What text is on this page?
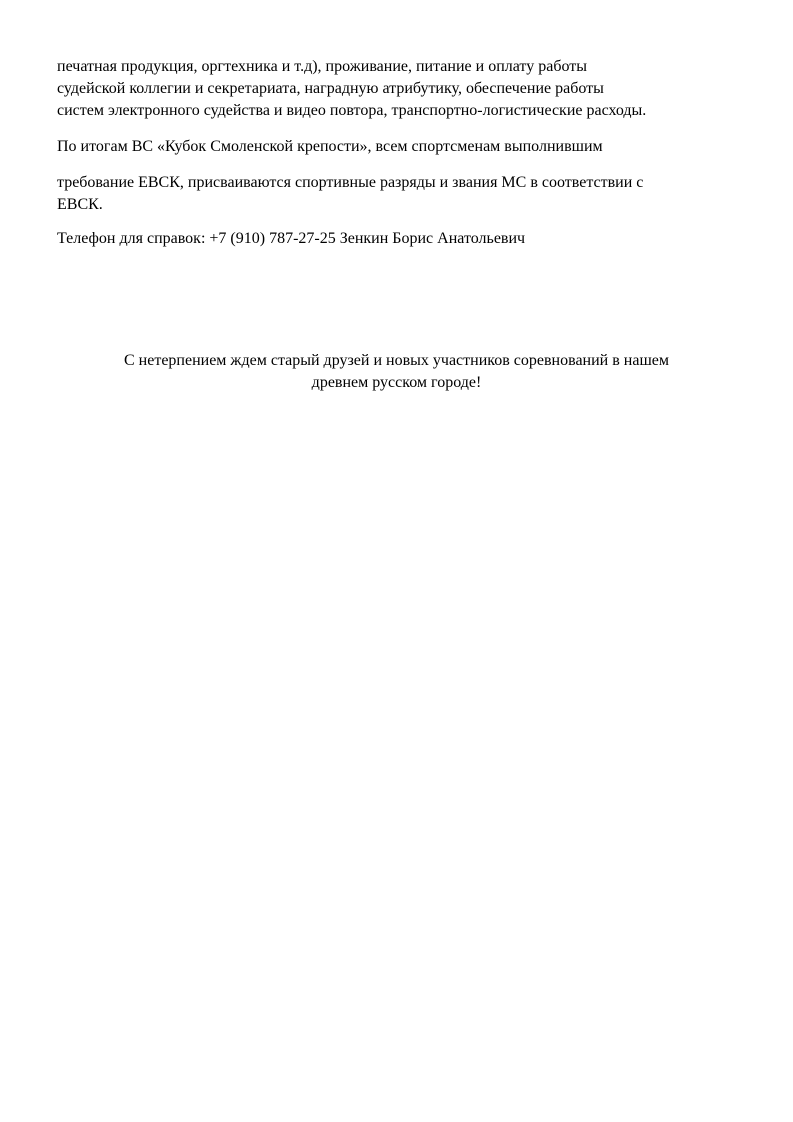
печатная продукция, оргтехника и т.д), проживание, питание и оплату работы
судейской коллегии и секретариата, наградную атрибутику, обеспечение работы
систем электронного судейства и видео повтора, транспортно-логистические расходы.
По итогам ВС «Кубок Смоленской крепости», всем спортсменам выполнившим
требование ЕВСК, присваиваются спортивные разряды и звания МС в соответствии с
ЕВСК.
Телефон для справок: +7 (910) 787-27-25 Зенкин Борис Анатольевич
С нетерпением ждем старый друзей и новых участников соревнований в нашем
древнем русском городе!
